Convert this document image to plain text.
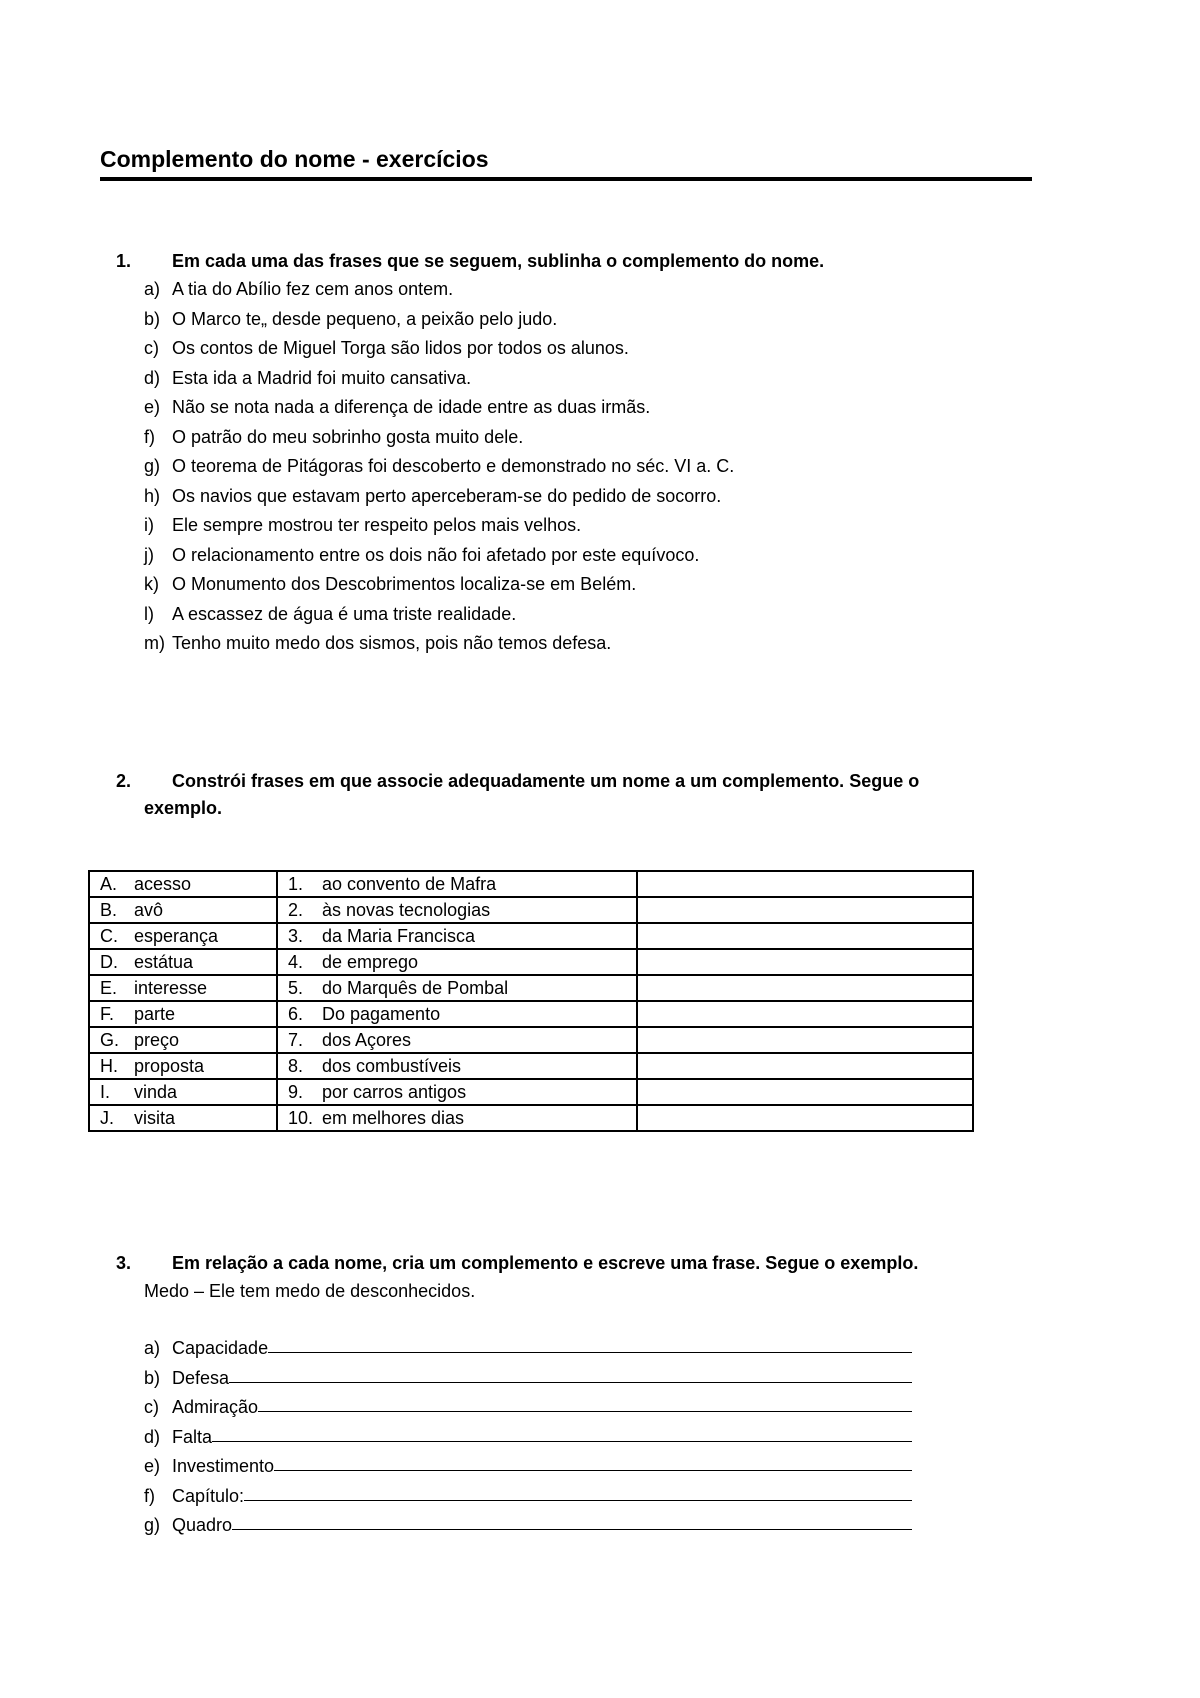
Complemento do nome - exercícios
1.	Em cada uma das frases que se seguem, sublinha o complemento do nome.
a) A tia do Abílio fez cem anos ontem.
b) O Marco te„ desde pequeno, a peixão pelo judo.
c) Os contos de Miguel Torga são lidos por todos os alunos.
d) Esta ida a Madrid foi muito cansativa.
e) Não se nota nada a diferença de idade entre as duas irmãs.
f) O patrão do meu sobrinho gosta muito dele.
g) O teorema de Pitágoras foi descoberto e demonstrado no séc. VI a. C.
h) Os navios que estavam perto aperceberam-se do pedido de socorro.
i)	Ele sempre mostrou ter respeito pelos mais velhos.
j)	O relacionamento entre os dois não foi afetado por este equívoco.
k) O Monumento dos Descobrimentos localiza-se em Belém.
l)	A escassez de água é uma triste realidade.
m) Tenho muito medo dos sismos, pois não temos defesa.
2.	Constrói frases em que associe adequadamente um nome a um complemento. Segue o
exemplo.
A. acesso	1. ao convento de Mafra	
B. avô	2. às novas tecnologias	
C. esperança	3. da Maria Francisca	
D. estátua	4. de emprego	
E. interesse	5. do Marquês de Pombal	
F. parte	6. Do pagamento	
G. preço	7. dos Açores	
H. proposta	8. dos combustíveis	
I. vinda	9. por carros antigos	
J. visita	10. em melhores dias	
3.	Em relação a cada nome, cria um complemento e escreve uma frase. Segue o exemplo.
Medo – Ele tem medo de desconhecidos.
a) Capacidade
b) Defesa
c) Admiração
d) Falta
e) Investimento
f) Capítulo:
g) Quadro
